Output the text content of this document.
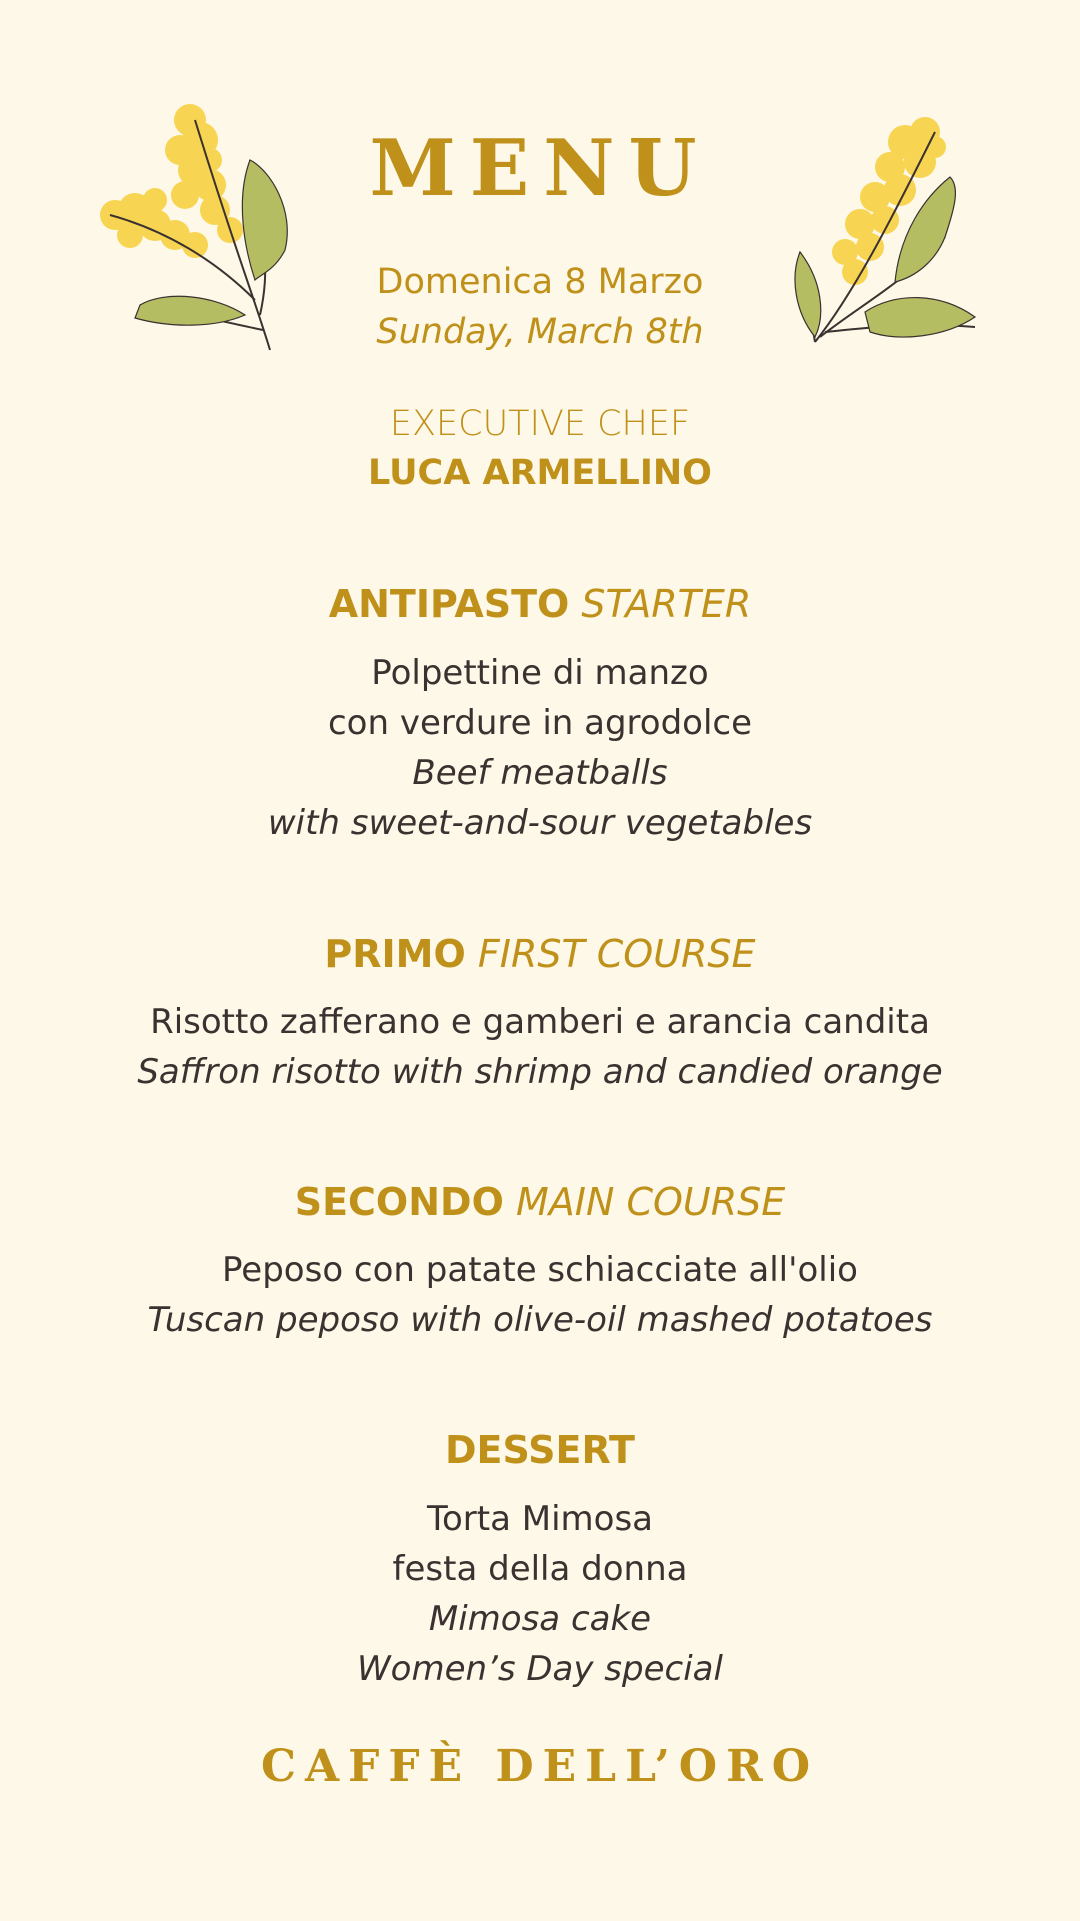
MENU
Domenica 8 Marzo
Sunday, March 8th
EXECUTIVE CHEF
LUCA ARMELLINO
ANTIPASTO STARTER
Polpettine di manzo
con verdure in agrodolce
Beef meatballs
with sweet-and-sour vegetables
PRIMO FIRST COURSE
Risotto zafferano e gamberi e arancia candita
Saffron risotto with shrimp and candied orange
SECONDO MAIN COURSE
Peposo con patate schiacciate all'olio
Tuscan peposo with olive-oil mashed potatoes
DESSERT
Torta Mimosa
festa della donna
Mimosa cake
Women’s Day special
CAFFÈ DELL’ORO
